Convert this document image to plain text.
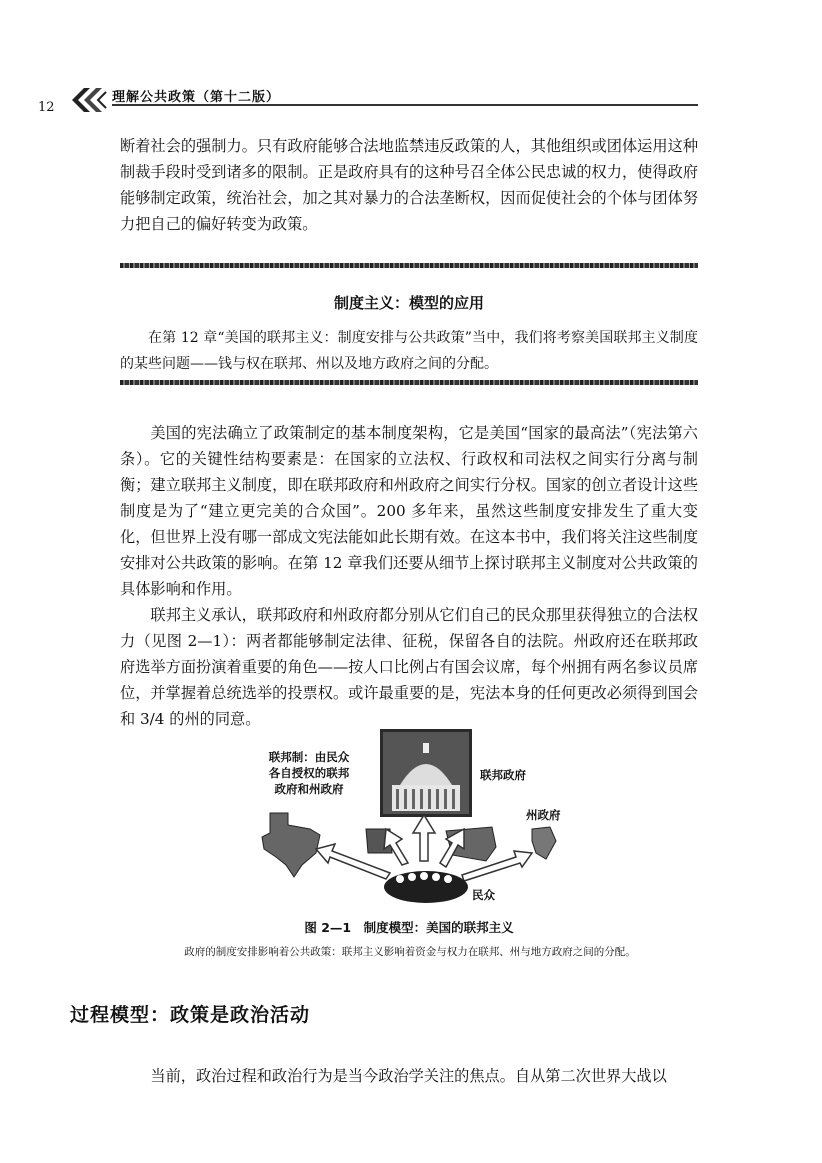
12
理解公共政策（第十二版）
断着社会的强制力。只有政府能够合法地监禁违反政策的人，其他组织或团体运用这种制裁手段时受到诸多的限制。正是政府具有的这种号召全体公民忠诚的权力，使得政府能够制定政策，统治社会，加之其对暴力的合法垄断权，因而促使社会的个体与团体努力把自己的偏好转变为政策。
制度主义：模型的应用
在第 12 章“美国的联邦主义：制度安排与公共政策”当中，我们将考察美国联邦主义制度的某些问题——钱与权在联邦、州以及地方政府之间的分配。
美国的宪法确立了政策制定的基本制度架构，它是美国“国家的最高法”（宪法第六条）。它的关键性结构要素是：在国家的立法权、行政权和司法权之间实行分离与制衡；建立联邦主义制度，即在联邦政府和州政府之间实行分权。国家的创立者设计这些制度是为了“建立更完美的合众国”。200 多年来，虽然这些制度安排发生了重大变化，但世界上没有哪一部成文宪法能如此长期有效。在这本书中，我们将关注这些制度安排对公共政策的影响。在第 12 章我们还要从细节上探讨联邦主义制度对公共政策的具体影响和作用。
联邦主义承认，联邦政府和州政府都分别从它们自己的民众那里获得独立的合法权力（见图 2—1）：两者都能够制定法律、征税，保留各自的法院。州政府还在联邦政府选举方面扮演着重要的角色——按人口比例占有国会议席，每个州拥有两名参议员席位，并掌握着总统选举的投票权。或许最重要的是，宪法本身的任何更改必须得到国会和 3/4 的州的同意。
联邦制：由民众
各自授权的联邦
政府和州政府
联邦政府
州政府
民众
图 2—1　制度模型：美国的联邦主义
政府的制度安排影响着公共政策：联邦主义影响着资金与权力在联邦、州与地方政府之间的分配。
过程模型：政策是政治活动
当前，政治过程和政治行为是当今政治学关注的焦点。自从第二次世界大战以
